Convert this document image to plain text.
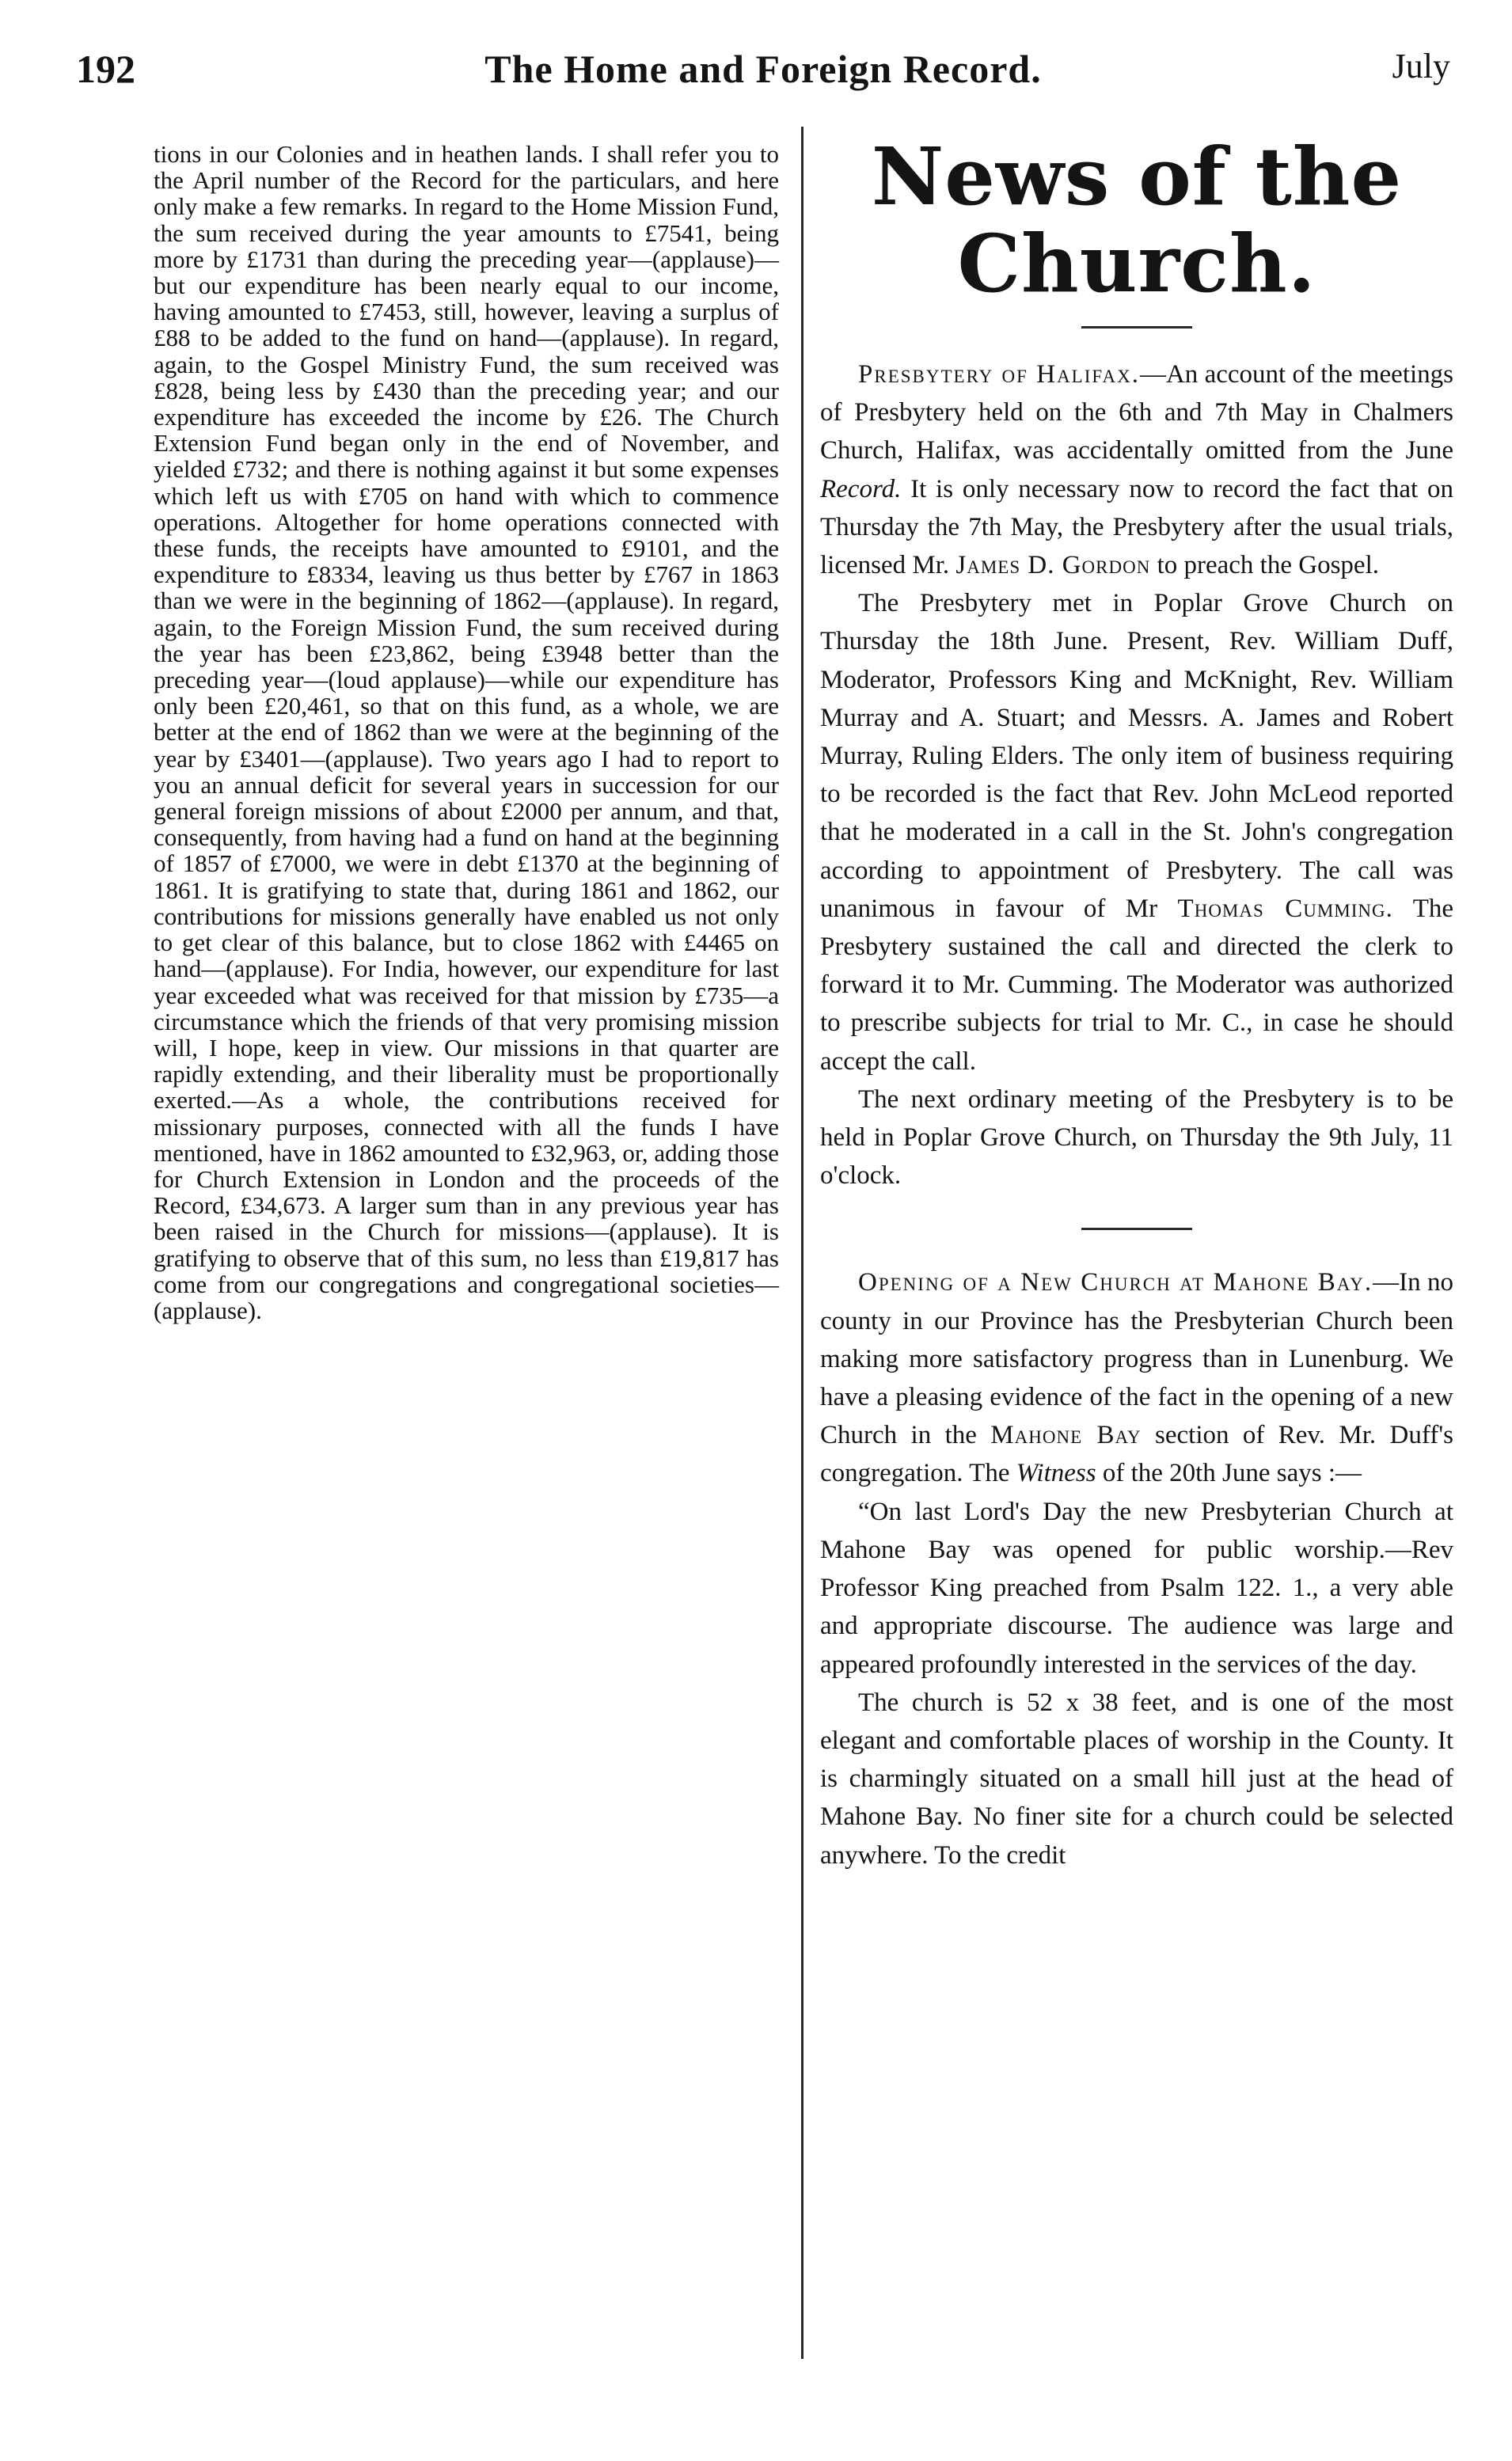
192	The Home and Foreign Record.	July

tions in our Colonies and in heathen lands. I shall refer you to the April number of the Record for the particulars, and here only make a few remarks. In regard to the Home Mission Fund, the sum received during the year amounts to £7541, being more by £1731 than during the preceding year—(applause)—but our expenditure has been nearly equal to our income, having amounted to £7453, still, however, leaving a surplus of £88 to be added to the fund on hand—(applause). In regard, again, to the Gospel Ministry Fund, the sum received was £828, being less by £430 than the preceding year; and our expenditure has exceeded the income by £26. The Church Extension Fund began only in the end of November, and yielded £732; and there is nothing against it but some expenses which left us with £705 on hand with which to commence operations. Altogether for home operations connected with these funds, the receipts have amounted to £9101, and the expenditure to £8334, leaving us thus better by £767 in 1863 than we were in the beginning of 1862—(applause). In regard, again, to the Foreign Mission Fund, the sum received during the year has been £23,862, being £3948 better than the preceding year—(loud applause)—while our expenditure has only been £20,461, so that on this fund, as a whole, we are better at the end of 1862 than we were at the beginning of the year by £3401—(applause). Two years ago I had to report to you an annual deficit for several years in succession for our general foreign missions of about £2000 per annum, and that, consequently, from having had a fund on hand at the beginning of 1857 of £7000, we were in debt £1370 at the beginning of 1861. It is gratifying to state that, during 1861 and 1862, our contributions for missions generally have enabled us not only to get clear of this balance, but to close 1862 with £4465 on hand—(applause). For India, however, our expenditure for last year exceeded what was received for that mission by £735—a circumstance which the friends of that very promising mission will, I hope, keep in view. Our missions in that quarter are rapidly extending, and their liberality must be proportionally exerted.—As a whole, the contributions received for missionary purposes, connected with all the funds I have mentioned, have in 1862 amounted to £32,963, or, adding those for Church Extension in London and the proceeds of the Record, £34,673. A larger sum than in any previous year has been raised in the Church for missions—(applause). It is gratifying to observe that of this sum, no less than £19,817 has come from our congregations and congregational societies—(applause).

News of the Church.

Presbytery of Halifax.—An account of the meetings of Presbytery held on the 6th and 7th May in Chalmers Church, Halifax, was accidentally omitted from the June Record. It is only necessary now to record the fact that on Thursday the 7th May, the Presbytery after the usual trials, licensed Mr. James D. Gordon to preach the Gospel.

The Presbytery met in Poplar Grove Church on Thursday the 18th June. Present, Rev. William Duff, Moderator, Professors King and McKnight, Rev. William Murray and A. Stuart; and Messrs. A. James and Robert Murray, Ruling Elders. The only item of business requiring to be recorded is the fact that Rev. John McLeod reported that he moderated in a call in the St. John's congregation according to appointment of Presbytery. The call was unanimous in favour of Mr Thomas Cumming. The Presbytery sustained the call and directed the clerk to forward it to Mr. Cumming. The Moderator was authorized to prescribe subjects for trial to Mr. C., in case he should accept the call.

The next ordinary meeting of the Presbytery is to be held in Poplar Grove Church, on Thursday the 9th July, 11 o'clock.

Opening of a New Church at Mahone Bay.—In no county in our Province has the Presbyterian Church been making more satisfactory progress than in Lunenburg. We have a pleasing evidence of the fact in the opening of a new Church in the Mahone Bay section of Rev. Mr. Duff's congregation. The Witness of the 20th June says :—

“On last Lord's Day the new Presbyterian Church at Mahone Bay was opened for public worship.—Rev Professor King preached from Psalm 122. 1., a very able and appropriate discourse. The audience was large and appeared profoundly interested in the services of the day.

The church is 52 x 38 feet, and is one of the most elegant and comfortable places of worship in the County. It is charmingly situated on a small hill just at the head of Mahone Bay. No finer site for a church could be selected anywhere. To the credit
